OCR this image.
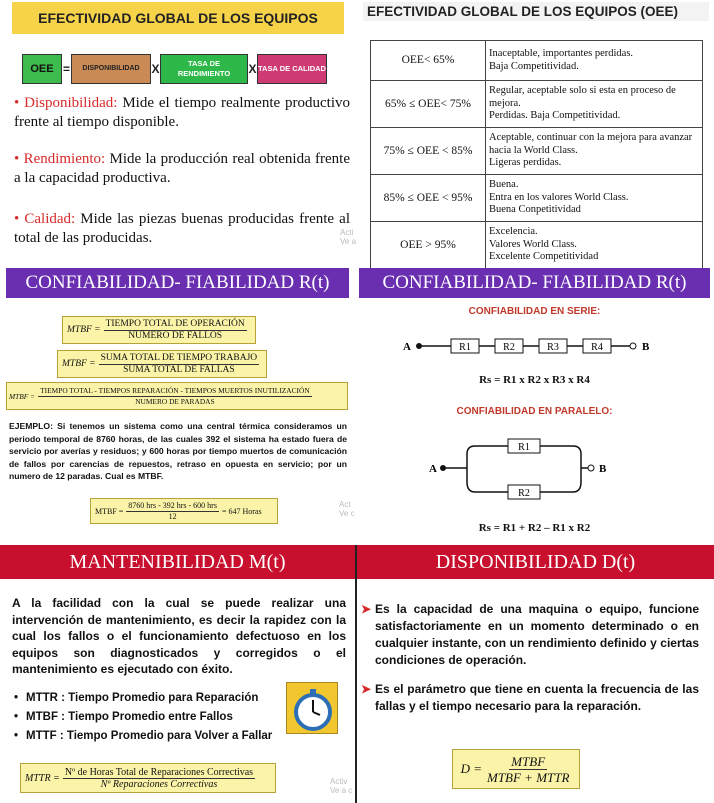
EFECTIVIDAD GLOBAL DE LOS EQUIPOS
OEE =	DISPONIBILIDAD X	TASA DE RENDIMIENTO	X TASA DE CALIDAD
• Disponibilidad: Mide el tiempo realmente productivo frente al tiempo disponible.
• Rendimiento: Mide la producción real obtenida frente a la capacidad productiva.
• Calidad: Mide las piezas buenas producidas frente al total de las producidas.	Acti
Ve a
EFECTIVIDAD GLOBAL DE LOS EQUIPOS (OEE)
OEE< 65%	Inaceptable, importantes perdidas.
Baja Competitividad.

65% ≤ OEE< 75%	Regular, aceptable solo si esta en proceso de mejora.
Perdidas. Baja Competitividad.

75% ≤ OEE < 85%	Aceptable, continuar con la mejora para avanzar hacia la World Class.
Ligeras perdidas.

85% ≤ OEE < 95%	Buena.
Entra en los valores World Class.
Buena Conpetitividad

OEE > 95%	Excelencia.
Valores World Class.
Excelente Competitividad
CONFIABILIDAD- FIABILIDAD R(t)
MTBF = $\frac{\text{TIEMPO TOTAL DE OPERACIÓN}}{\text{NUMERO DE FALLOS}}$
MTBF = $\frac{\text{SUMA TOTAL DE TIEMPO TRABAJO}}{\text{SUMA TOTAL DE FALLAS}}$
MTBF =
TIEMPO TOTAL - TIEMPOS REPARACIÓN - TIEMPOS MUERTOS INUTILIZACIÓN
NUMERO DE PARADAS
EJEMPLO: Si tenemos un sistema como una central térmica consideramos un periodo temporal de 8760 horas, de las cuales 392 el sistema ha estado fuera de servicio por averías y residuos; y 600 horas por tiempo muertos de comunicación de fallos por carencias de repuestos, retraso en opuesta en servicio; por un numero de 12 paradas. Cual es MTBF.
MTBF = $\frac{\text{8760 hrs - 392 hrs - 600 hrs}}{12} = 647$ Horas
Act
Ve c
CONFIABILIDAD- FIABILIDAD R(t)
CONFIABILIDAD EN SERIE:
A	R1	R2	R3	R4	B
Rs = R1 x R2 x R3 x R4
CONFIABILIDAD EN PARALELO:
A
R1
R2
B
Rs = R1 + R2 – R1 x R2
MANTENIBILIDAD M(t)
A la facilidad con la cual se puede realizar una intervención de mantenimiento, es decir la rapidez con la cual los fallos o el funcionamiento defectuoso en los equipos son diagnosticados y corregidos o el mantenimiento es ejecutado con éxito.
• MTTR : Tiempo Promedio para Reparación
• MTBF : Tiempo Promedio entre Fallos
• MTTF : Tiempo Promedio para Volver a Fallar
MTTR = $\frac{\text{Nº de Horas Total de Reparaciones Correctivas}}{\text{Nº Reparaciones Correctivas}}$	Activ
Ve a c
DISPONIBILIDAD D(t)
➤ Es la capacidad de una maquina o equipo, funcione satisfactoriamente en un momento determinado o en cualquier instante, con un rendimiento definido y ciertas condiciones de operación.
➤ Es el parámetro que tiene en cuenta la frecuencia de las fallas y el tiempo necesario para la reparación.
$D = \frac{\text{MTBF}}{\text{MTBF + MTTR}}$
